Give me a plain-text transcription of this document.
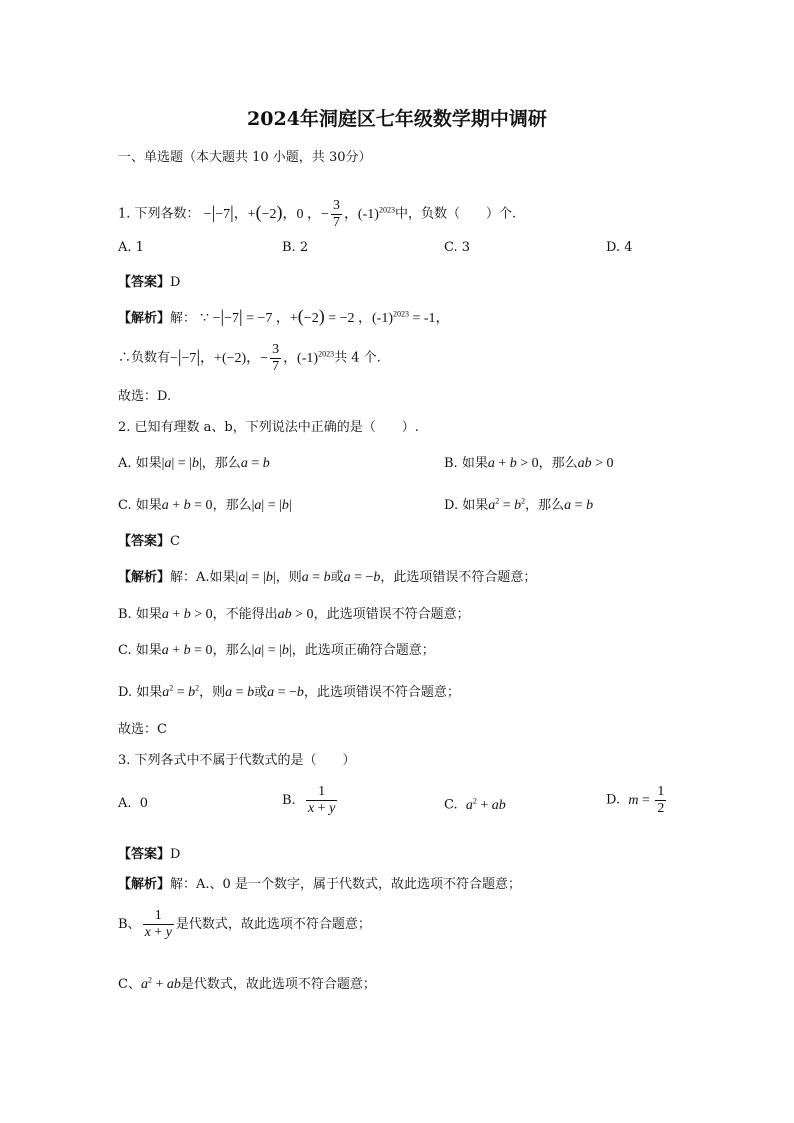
2024年洞庭区七年级数学期中调研
一、单选题（本大题共 10 小题，共 30分）
1. 下列各数： −|−7|，+(−2)，0 ，− $\frac{3}{7}$ ，$(-1)^{2023}$中，负数（　　）个.
A. 1	B. 2	C. 3	D. 4
【答案】D
【解析】解： ∵ −|−7| = −7 ，+(−2) = −2 ，$(-1)^{2023} = -1$，
∴负数有−|−7|，+(−2)，− $\frac{3}{7}$ ，$(-1)^{2023}$共 4 个.
故选：D.
2. 已知有理数 a、b，下列说法中正确的是（　　）.
A. 如果|a| = |b|，那么a = b	B. 如果a + b > 0，那么ab > 0
C. 如果a + b = 0，那么|a| = |b|	D. 如果$a^2 = b^2$，那么a = b
【答案】C
【解析】解：A.如果|a| = |b|，则a = b或a = −b，此选项错误不符合题意；
B. 如果a + b > 0，不能得出ab > 0，此选项错误不符合题意；
C. 如果a + b = 0，那么|a| = |b|，此选项正确符合题意；
D. 如果$a^2 = b^2$，则a = b或a = −b，此选项错误不符合题意；
故选：C
3. 下列各式中不属于代数式的是（　　）
A.  0	B. $\frac{1}{x + y}$	C.  $a^2$ + ab	D.  $m = \frac{1}{2}$
【答案】D
【解析】解：A.、0 是一个数字，属于代数式，故此选项不符合题意；
B、 $\frac{1}{x + y}$ 是代数式，故此选项不符合题意；
C、$a^2$ + ab是代数式，故此选项不符合题意；
